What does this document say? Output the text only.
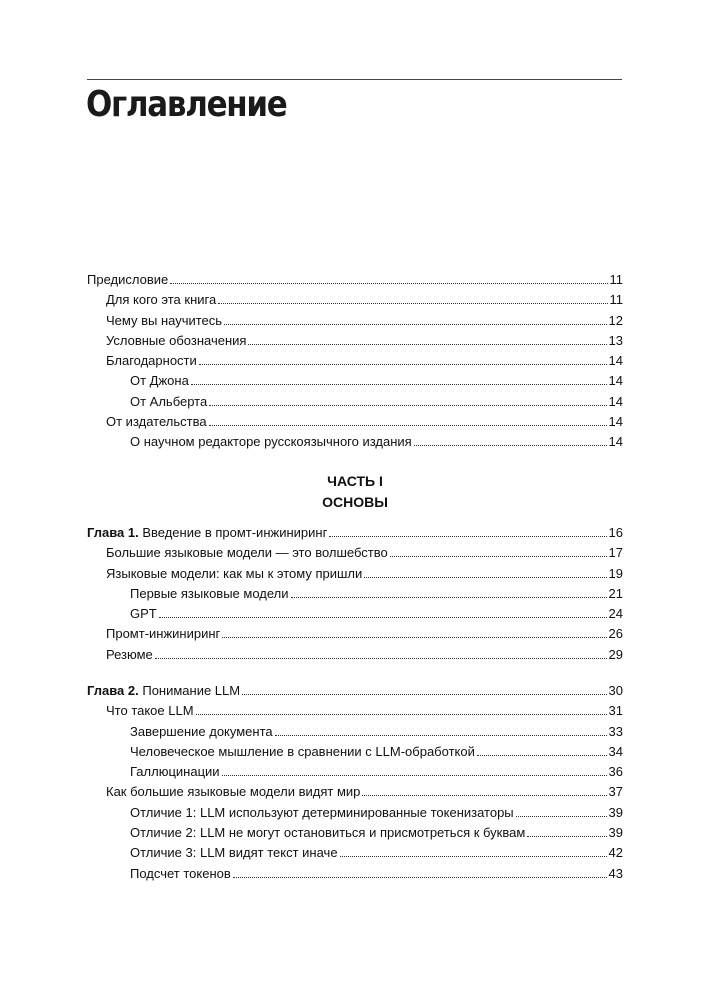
Оглавление
Предисловие	11
Для кого эта книга	11
Чему вы научитесь	12
Условные обозначения	13
Благодарности	14
От Джона	14
От Альберта	14
От издательства	14
О научном редакторе русскоязычного издания	14
ЧАСТЬ I
ОСНОВЫ
Глава 1. Введение в промт-инжиниринг	16
Большие языковые модели — это волшебство	17
Языковые модели: как мы к этому пришли	19
Первые языковые модели	21
GPT	24
Промт-инжиниринг	26
Резюме	29
Глава 2. Понимание LLM	30
Что такое LLM	31
Завершение документа	33
Человеческое мышление в сравнении с LLM-обработкой	34
Галлюцинации	36
Как большие языковые модели видят мир	37
Отличие 1: LLM используют детерминированные токенизаторы	39
Отличие 2: LLM не могут остановиться и присмотреться к буквам	39
Отличие 3: LLM видят текст иначе	42
Подсчет токенов	43
